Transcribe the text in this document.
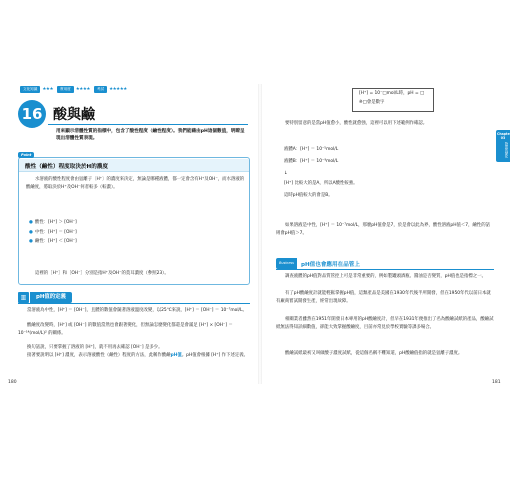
文化知識	★★★	實用度	★★★★	考試	★★★★★
16 酸與鹼

用來顯示溶體性質的指標中，包含了酸性程度（鹼性程度）。我們能藉由pH這個數值，明瞭呈現出溶體性質表現。

酸性（鹼性）程度取決於H的濃度
Point

水溶液的酸性程度會由氫離子〔H⁺〕的濃度來決定，無論是哪種液體，都一定會含有H⁺及OH⁻，而水溶液的酸鹼度，將取決於H⁺及OH⁻何者較多（較濃）。

● 酸性：[H⁺] ＞ [OH⁻]
● 中性：[H⁺] ＝ [OH⁻]
● 鹼性：[H⁺] ＜ [OH⁻]

這裡的［H⁺］和［OH⁻］分別是指H⁺及OH⁻的莫耳濃度（參照23）。

▥	pH值的定義

當溶液為中性，[H⁺] ＝ [OH⁻]，且體的數值會隨著溶液溫度改變，以25℃來說，[H⁺] ＝ [OH⁻] ＝ 10⁻⁷mol/L。

酸鹼度改變時，[H⁺] 或 [OH⁻] 的數值當然也會跟著變化，但無論怎麼變化都還是會滿足 [H⁺] × [OH⁻] ＝ 10⁻¹⁴(mol/L)² 的關係。

換句話說，只要掌握了溶液的 [H⁺]，就不用再去確認 [OH⁻] 是多少。

接著要說明以 [H⁺] 濃度，表示溶液酸性（鹼性）程度的方法，此稱作酸鹼pH值。pH值會根據 [H⁺] 作下述定義。

180

[H⁺] = 10⁻□mol/L時，pH = □

※□會是數字

Chapter 03
物質的變化

要特別留意的是當pH值愈小，酸性就愈強，這裡可以用下述範例作確認。

液體A：[H⁺] ＝ 10⁻⁵mol/L

液體B：[H⁺] ＝ 10⁻⁹mol/L

↓

[H⁺] 比較大的是A，所以A酸性較強。

這時pH值較大的會是B。

如果溶液是中性，[H⁺] ＝ 10⁻⁷mol/L，那麼pH值會是7，於是會以此為界，酸性溶液pH值＜7，鹼性的話則會pH值＞7。

Business	pH值也會應用在品管上

調查液體的pH值對品質管控上可是非常重要的，例如製罐頭酒瓶、醬油是否變質，pH值也是指標之一。

有了pH酸鹼度計就能輕鬆掌握pH值，這類產品是美國在1930年代後半所開發，但在1950年代以前日本就有廠商嘗試開發生產，經常出現故障。

相關業者雖然在1951年開發日本專用的pH酸鹼度計，但早在1931年便推出了名為酸鹼試紙的產品，酸鹼試紙無法得知詳細數值，卻能大致掌握酸鹼度，目前亦常見於學校實驗等課多場合。

酸鹼試紙最初又叫做酸子濃度試紙，從這個名稱不難知道，pH酸鹼值指的就是氫離子濃度。

181
